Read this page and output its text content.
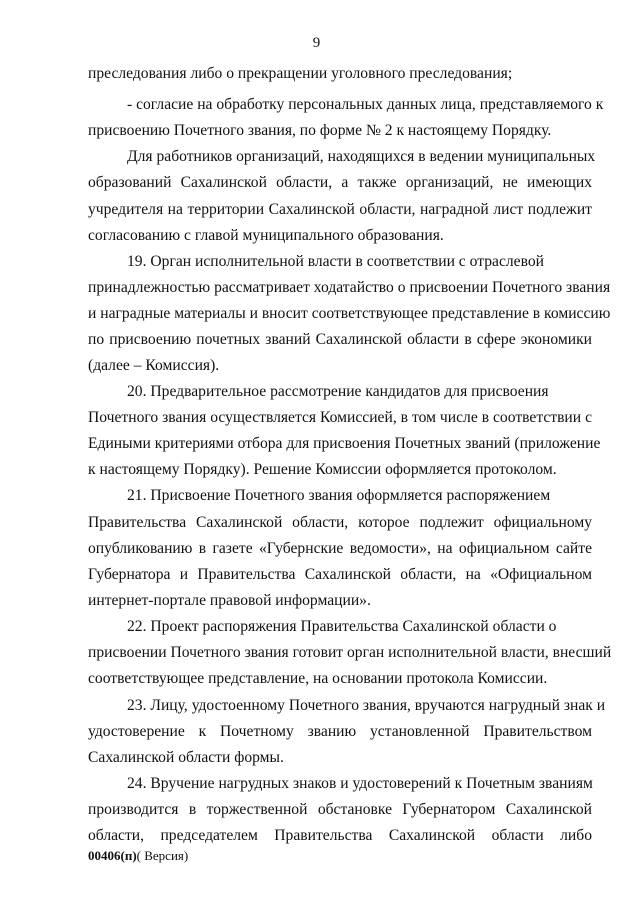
9
преследования либо о прекращении уголовного преследования;
- согласие на обработку персональных данных лица, представляемого к
присвоению Почетного звания, по форме № 2 к настоящему Порядку.
Для работников организаций, находящихся в ведении муниципальных
образований Сахалинской области, а также организаций, не имеющих
учредителя на территории Сахалинской области, наградной лист подлежит
согласованию с главой муниципального образования.
19. Орган исполнительной власти в соответствии с отраслевой
принадлежностью рассматривает ходатайство о присвоении Почетного звания
и наградные материалы и вносит соответствующее представление в комиссию
по присвоению почетных званий Сахалинской области в сфере экономики
(далее – Комиссия).
20. Предварительное рассмотрение кандидатов для присвоения
Почетного звания осуществляется Комиссией, в том числе в соответствии с
Едиными критериями отбора для присвоения Почетных званий (приложение
к настоящему Порядку). Решение Комиссии оформляется протоколом.
21. Присвоение Почетного звания оформляется распоряжением
Правительства Сахалинской области, которое подлежит официальному
опубликованию в газете «Губернские ведомости», на официальном сайте
Губернатора и Правительства Сахалинской области, на «Официальном
интернет-портале правовой информации».
22. Проект распоряжения Правительства Сахалинской области о
присвоении Почетного звания готовит орган исполнительной власти, внесший
соответствующее представление, на основании протокола Комиссии.
23. Лицу, удостоенному Почетного звания, вручаются нагрудный знак и
удостоверение к Почетному званию установленной Правительством
Сахалинской области формы.
24. Вручение нагрудных знаков и удостоверений к Почетным званиям
производится в торжественной обстановке Губернатором Сахалинской
области, председателем Правительства Сахалинской области либо
00406(п)( Версия)
